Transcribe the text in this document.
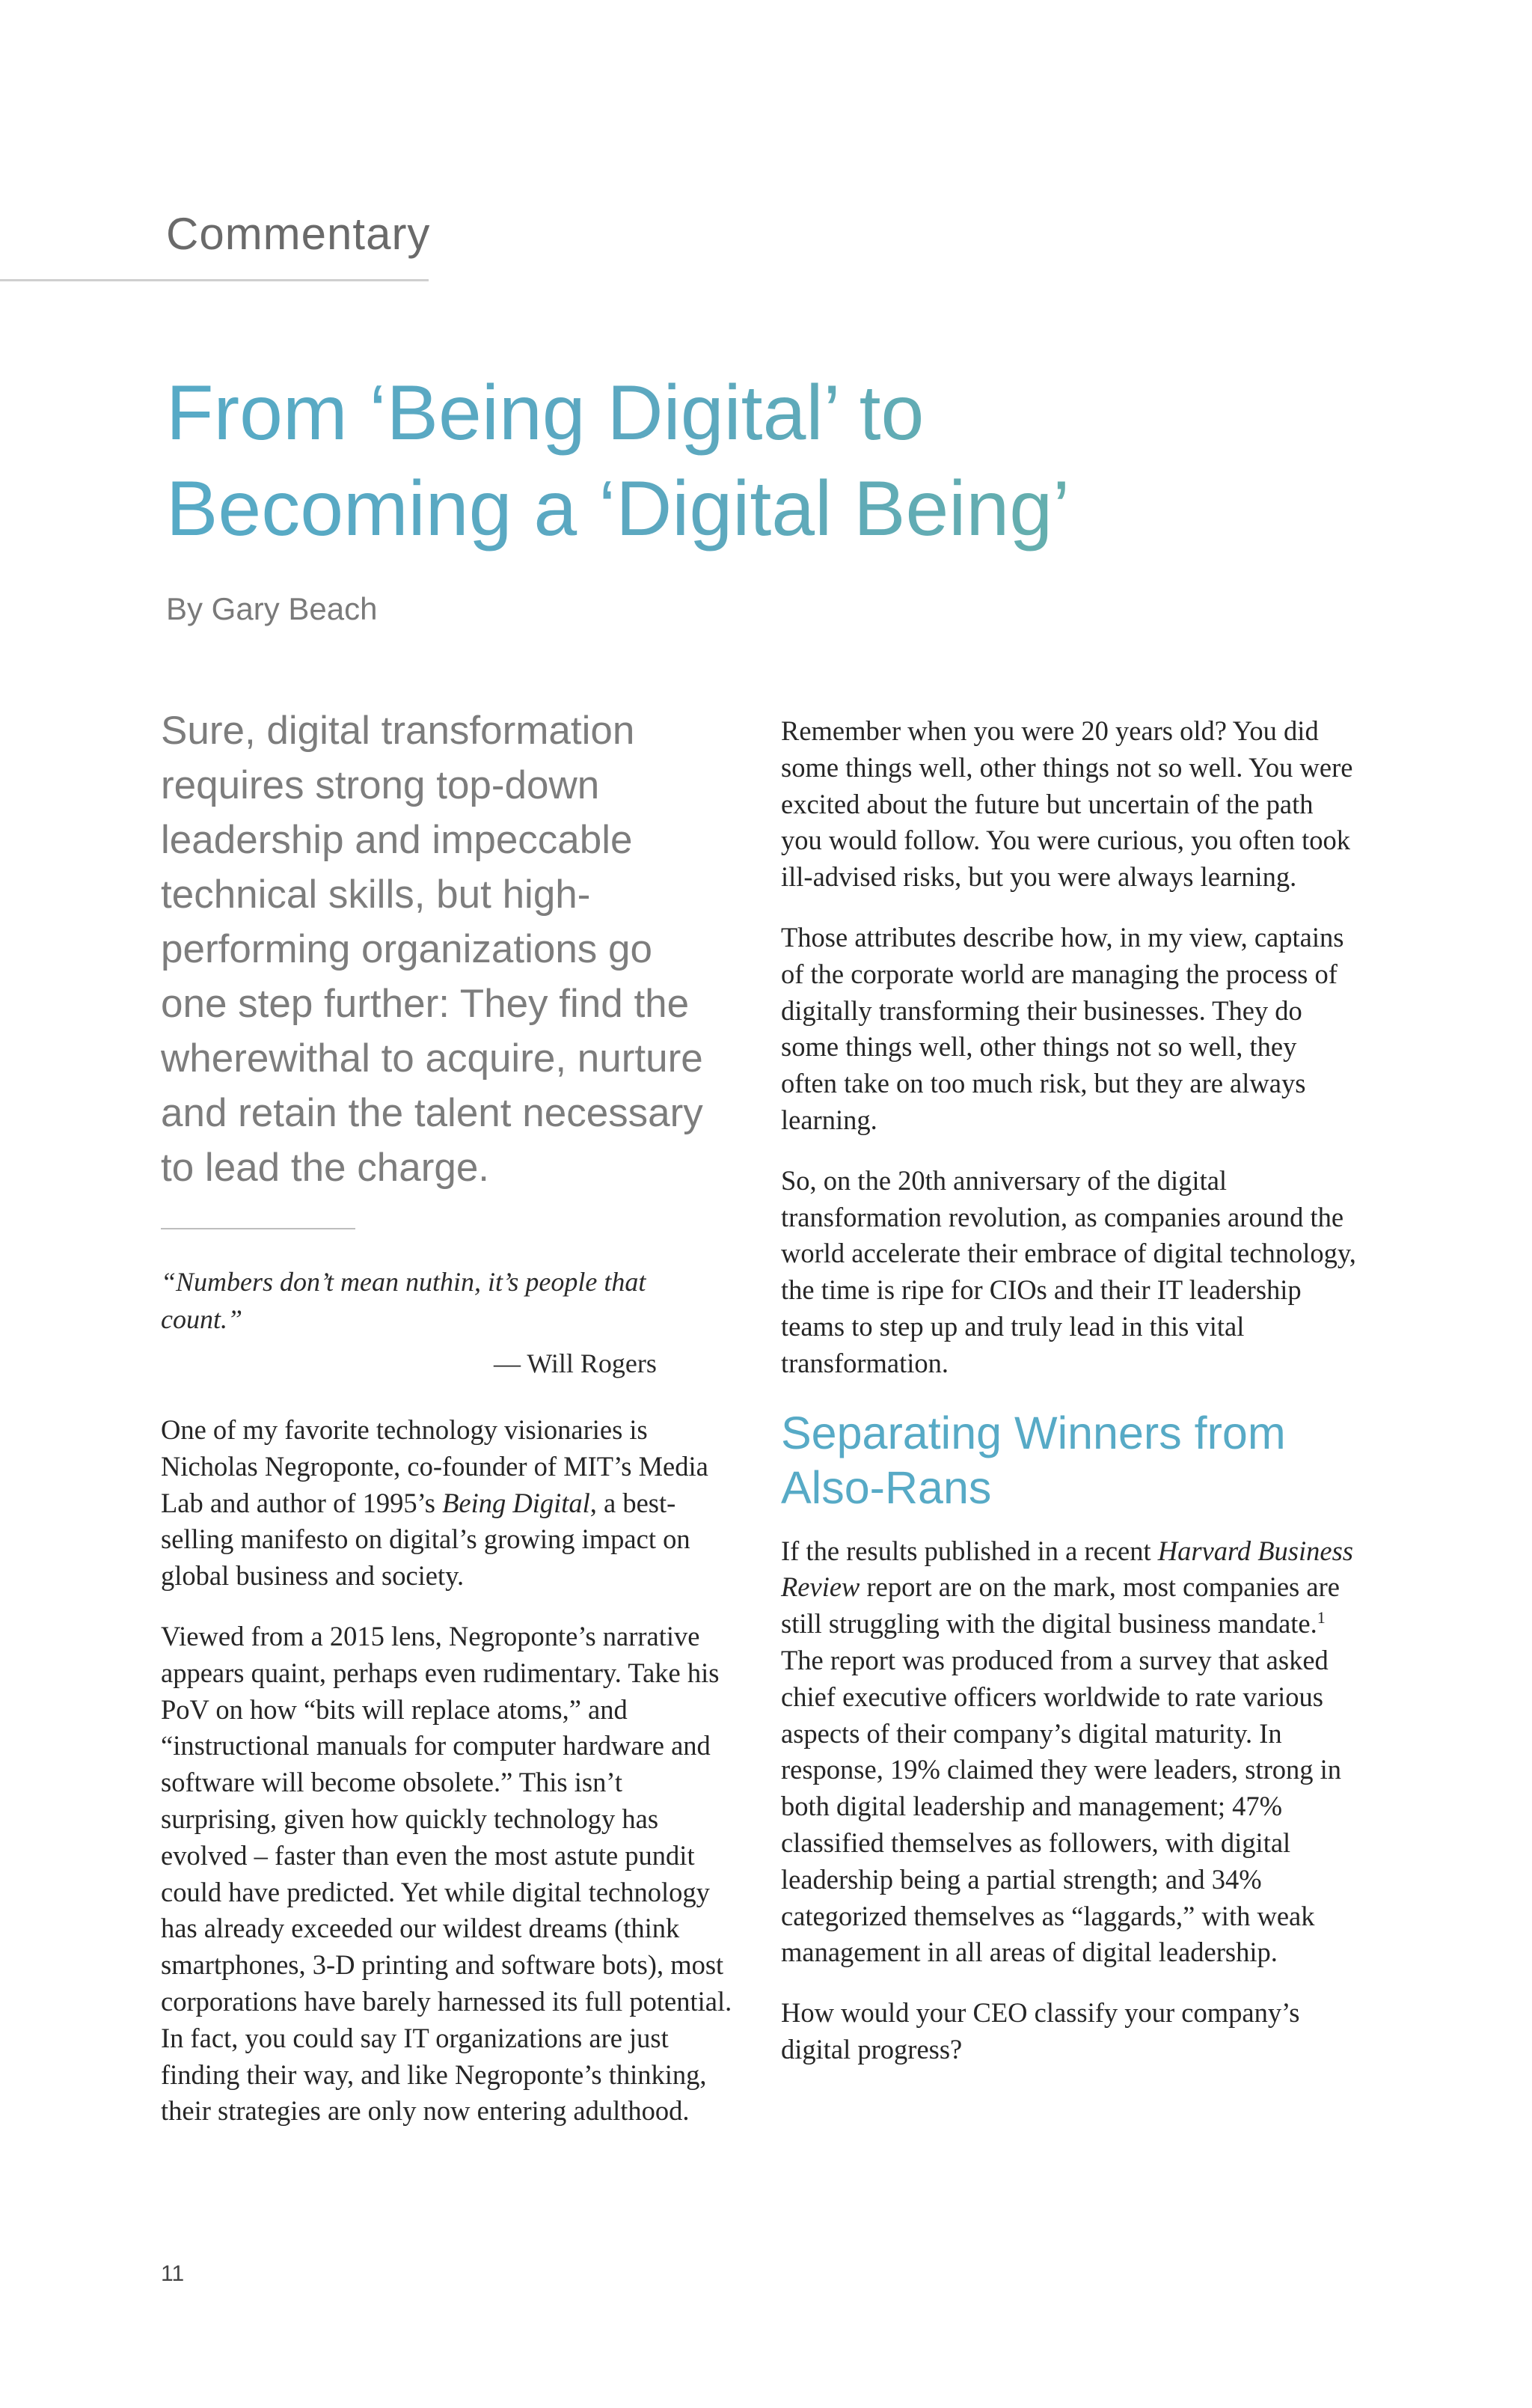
Commentary
From ‘Being Digital’ to
Becoming a ‘Digital Being’
By Gary Beach

Sure, digital transformation requires strong top-down leadership and impeccable technical skills, but high-performing organizations go one step further: They find the wherewithal to acquire, nurture and retain the talent necessary to lead the charge.

“Numbers don’t mean nuthin, it’s people that count.”

— Will Rogers

One of my favorite technology visionaries is Nicholas Negroponte, co-founder of MIT’s Media Lab and author of 1995’s Being Digital, a best-selling manifesto on digital’s growing impact on global business and society.

Viewed from a 2015 lens, Negroponte’s narrative appears quaint, perhaps even rudimentary. Take his PoV on how “bits will replace atoms,” and “instructional manuals for computer hardware and software will become obsolete.” This isn’t surprising, given how quickly technology has evolved – faster than even the most astute pundit could have predicted. Yet while digital technology has already exceeded our wildest dreams (think smartphones, 3-D printing and software bots), most corporations have barely harnessed its full potential. In fact, you could say IT organizations are just finding their way, and like Negroponte’s thinking, their strategies are only now entering adulthood.

Remember when you were 20 years old? You did some things well, other things not so well. You were excited about the future but uncertain of the path you would follow. You were curious, you often took ill-advised risks, but you were always learning.

Those attributes describe how, in my view, captains of the corporate world are managing the process of digitally transforming their businesses. They do some things well, other things not so well, they often take on too much risk, but they are always learning.

So, on the 20th anniversary of the digital transformation revolution, as companies around the world accelerate their embrace of digital technology, the time is ripe for CIOs and their IT leadership teams to step up and truly lead in this vital transformation.

Separating Winners from Also-Rans

If the results published in a recent Harvard Business Review report are on the mark, most companies are still struggling with the digital business mandate.$^1$ The report was produced from a survey that asked chief executive officers worldwide to rate various aspects of their company’s digital maturity. In response, 19% claimed they were leaders, strong in both digital leadership and management; 47% classified themselves as followers, with digital leadership being a partial strength; and 34% categorized themselves as “laggards,” with weak management in all areas of digital leadership.

How would your CEO classify your company’s digital progress?

11
